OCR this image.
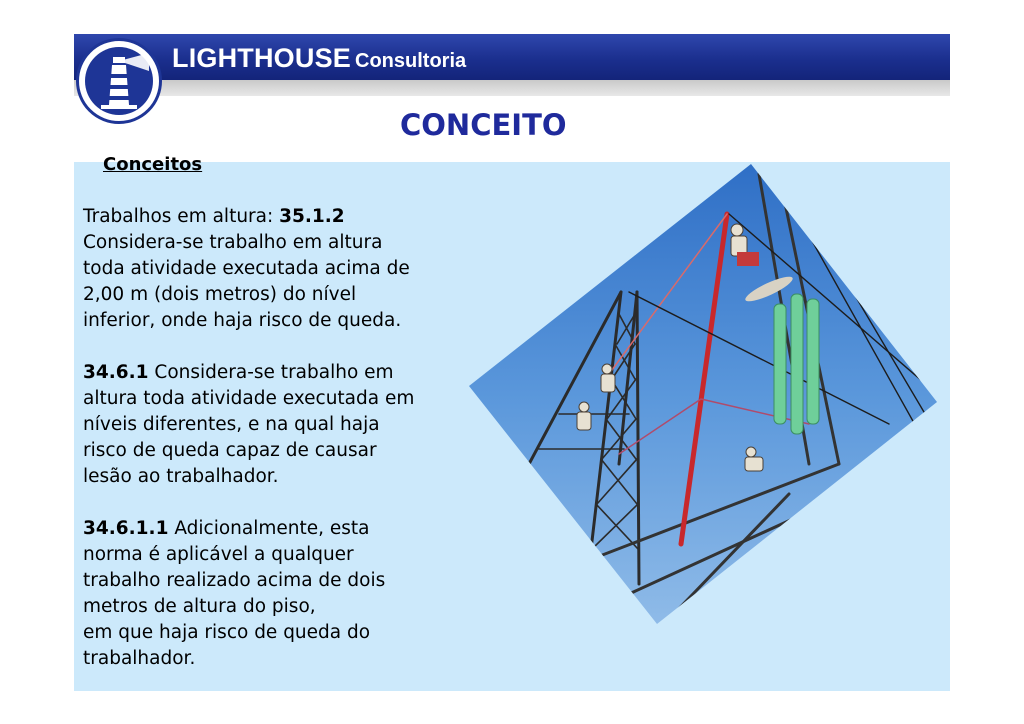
LIGHTHOUSE Consultoria
CONCEITO
Conceitos
Trabalhos em altura: 35.1.2
Considera-se trabalho em altura
toda atividade executada acima de
2,00 m (dois metros) do nível
inferior, onde haja risco de queda.
34.6.1 Considera-se trabalho em
altura toda atividade executada em
níveis diferentes, e na qual haja
risco de queda capaz de causar
lesão ao trabalhador.
34.6.1.1 Adicionalmente, esta
norma é aplicável a qualquer
trabalho realizado acima de dois
metros de altura do piso,
em que haja risco de queda do
trabalhador.
